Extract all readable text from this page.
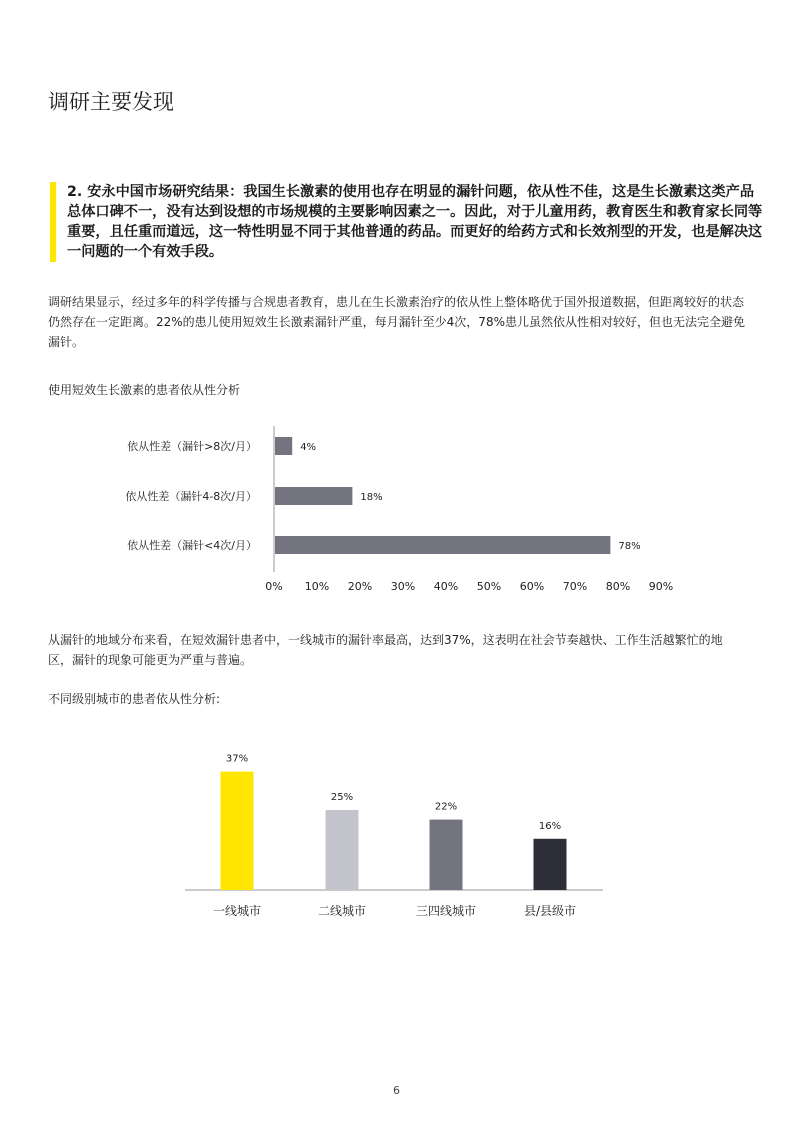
调研主要发现
2. 安永中国市场研究结果：我国生长激素的使用也存在明显的漏针问题，依从性不佳，这是生长激素这类产品总体口碑不一，没有达到设想的市场规模的主要影响因素之一。因此，对于儿童用药，教育医生和教育家长同等重要，且任重而道远，这一特性明显不同于其他普通的药品。而更好的给药方式和长效剂型的开发，也是解决这一问题的一个有效手段。
调研结果显示，经过多年的科学传播与合规患者教育，患儿在生长激素治疗的依从性上整体略优于国外报道数据，但距离较好的状态仍然存在一定距离。22%的患儿使用短效生长激素漏针严重，每月漏针至少4次，78%患儿虽然依从性相对较好，但也无法完全避免漏针。
使用短效生长激素的患者依从性分析
依从性差（漏针>8次/月）	4%
依从性差（漏针4-8次/月）	18%
依从性差（漏针<4次/月）	78%
0% 10% 20% 30% 40% 50% 60% 70% 80% 90%
从漏针的地域分布来看，在短效漏针患者中，一线城市的漏针率最高，达到37%，这表明在社会节奏越快、工作生活越繁忙的地区，漏针的现象可能更为严重与普遍。
不同级别城市的患者依从性分析:
37%
一线城市
25%
二线城市
22%
三四线城市
16%
县/县级市
6
